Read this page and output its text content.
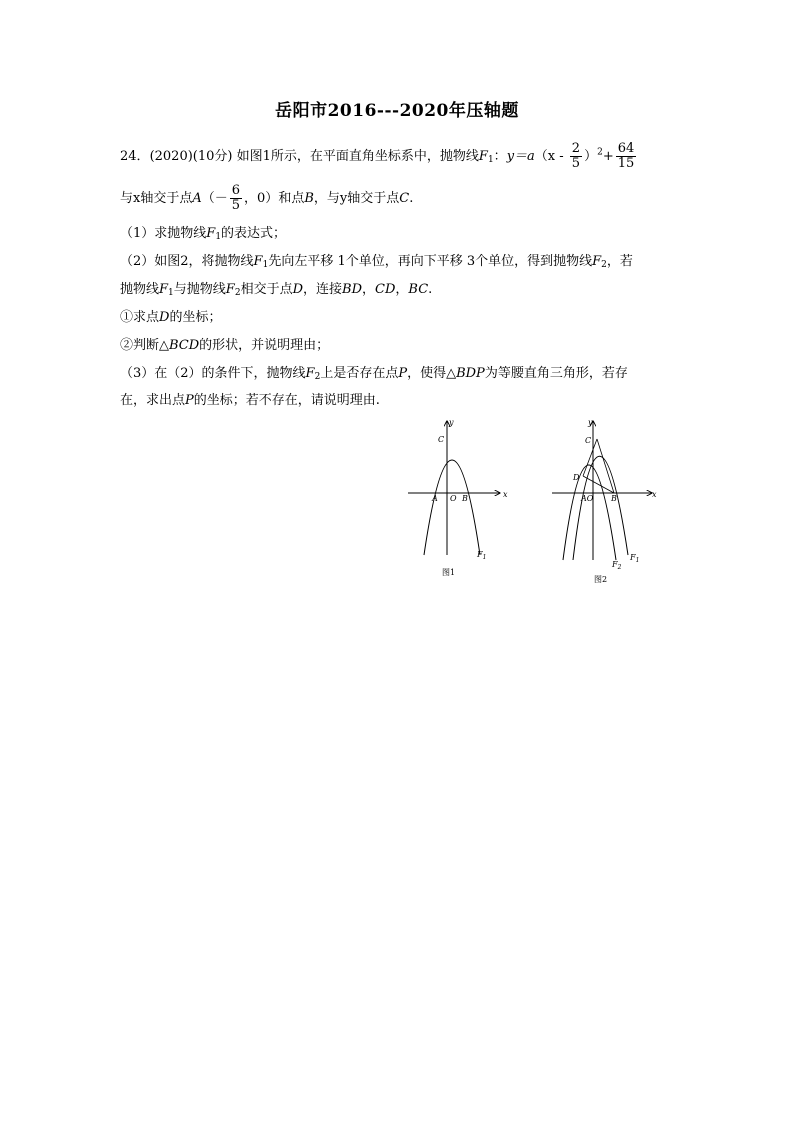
岳阳市2016---2020年压轴题
24．(2020)(10分) 如图1所示，在平面直角坐标系中，抛物线$F_1$：$y=a(x - \frac{2}{5} )^2+ \frac{64}{15}$
与x轴交于点$A(- \frac{6}{5}$ ，0）和点B，与y轴交于点C.
（1）求抛物线$F_1$的表达式；
（2）如图2，将抛物线$F_1$先向左平移 1个单位，再向下平移 3个单位，得到抛物线$F_2$，若
抛物线$F_1$与抛物线$F_2$相交于点D，连接BD，CD，BC.
①求点D的坐标；
②判断△BCD的形状，并说明理由；
（3）在（2）的条件下，抛物线$F_2$上是否存在点P，使得△BDP为等腰直角三角形，若存
在，求出点P的坐标；若不存在，请说明理由.
x
y
C
A O B
$F_1$
图1
x
y
C
D
AO B
$F_1$
$F_2$
图2
